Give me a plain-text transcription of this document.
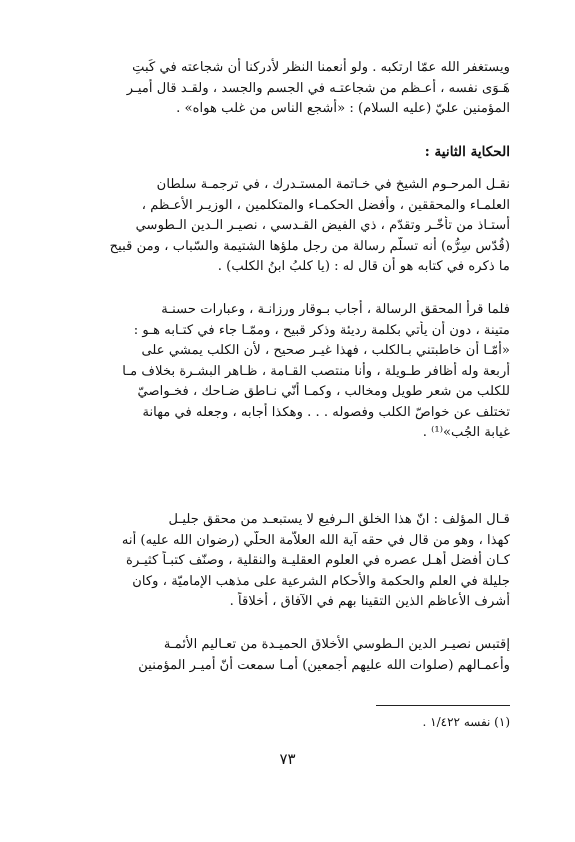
ويستغفر الله عمّا ارتكبه . ولو أنعمنا النظر لأدركنا أن شجاعته في كَبتِ
هَـوَى نفسه ، أعـظم من شجاعتـه في الجسم والجسد ، ولقـد قال أميـر
المؤمنين عليّ (عليه السلام) : «أشجع الناس من غلب هواه» .
الحكاية الثانية :
نقـل المرحـوم الشيخ في خـاتمة المستـدرك ، في ترجمـة سلطان
العلمـاء والمحققين ، وأفضل الحكمـاء والمتكلمين ، الوزيـر الأعـظم ،
أستـاذ من تأخّـر وتقدّم ، ذي الفيض القـدسي ، نصيـر الـدين الـطوسي
(قُدّس سِرُّه) أنه تسلّم رسالة من رجل ملؤها الشتيمة والسّباب ، ومن قبيح
ما ذكره في كتابه هو أن قال له : (يا كلبُ ابنُ الكلب) .
فلما قرأ المحقق الرسالة ، أجاب بـوقار ورزانـة ، وعبارات حسنـة
متينة ، دون أن يأتي بكلمة رديئة وذكر قبيح ، وممّـا جاء في كتـابه هـو :
«أمّـا أن خاطبتني بـالكلب ، فهذا غيـر صحيح ، لأن الكلب يمشي على
أربعة وله أظافر طـويلة ، وأنا منتصب القـامة ، ظـاهر البشـرة بخلاف مـا
للكلب من شعر طويل ومخالب ، وكمـا أنّي نـاطق ضـاحك ، فخـواصيّ
تختلف عن خواصّ الكلب وفصوله . . . وهكذا أجابه ، وجعله في مهانة
غيابة الجُب»⁽¹⁾ .
قـال المؤلف : انّ هذا الخلق الـرفيع لا يستبعـد من محقق جليـل
كهذا ، وهو من قال في حقه آية الله العلاّمة الحلّي (رضوان الله عليه) أنه
كـان أفضل أهـل عصره في العلوم العقليـة والنقلية ، وصنّف كتبـاً كثيـرة
جليلة في العلم والحكمة والأحكام الشرعية على مذهب الإماميّة ، وكان
أشرف الأعاظم الذين التقينا بهم في الآفاق ، أخلاقاً .
إقتبس نصيـر الدين الـطوسي الأخلاق الحميـدة من تعـاليم الأئمـة
وأعمـالهم (صلوات الله عليهم أجمعين) أمـا سمعت أنّ أميـر المؤمنين
(١) نفسه ١/٤٢٢ .
٧٣
